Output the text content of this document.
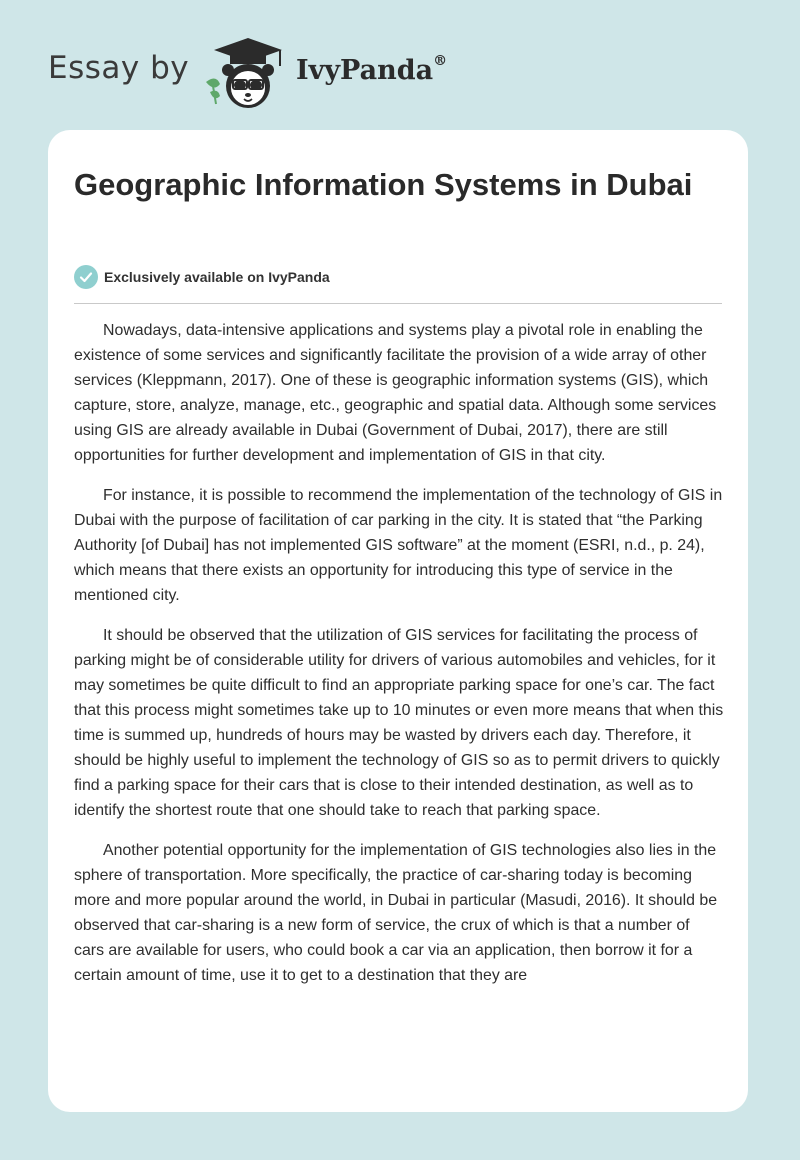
Essay by	IvyPanda®
Geographic Information Systems in Dubai
Exclusively available on IvyPanda

Nowadays, data-intensive applications and systems play a pivotal role in enabling the existence of some services and significantly facilitate the provision of a wide array of other services (Kleppmann, 2017). One of these is geographic information systems (GIS), which capture, store, analyze, manage, etc., geographic and spatial data. Although some services using GIS are already available in Dubai (Government of Dubai, 2017), there are still opportunities for further development and implementation of GIS in that city.

For instance, it is possible to recommend the implementation of the technology of GIS in Dubai with the purpose of facilitation of car parking in the city. It is stated that “the Parking Authority [of Dubai] has not implemented GIS software” at the moment (ESRI, n.d., p. 24), which means that there exists an opportunity for introducing this type of service in the mentioned city.

It should be observed that the utilization of GIS services for facilitating the process of parking might be of considerable utility for drivers of various automobiles and vehicles, for it may sometimes be quite difficult to find an appropriate parking space for one’s car. The fact that this process might sometimes take up to 10 minutes or even more means that when this time is summed up, hundreds of hours may be wasted by drivers each day. Therefore, it should be highly useful to implement the technology of GIS so as to permit drivers to quickly find a parking space for their cars that is close to their intended destination, as well as to identify the shortest route that one should take to reach that parking space.

Another potential opportunity for the implementation of GIS technologies also lies in the sphere of transportation. More specifically, the practice of car-sharing today is becoming more and more popular around the world, in Dubai in particular (Masudi, 2016). It should be observed that car-sharing is a new form of service, the crux of which is that a number of cars are available for users, who could book a car via an application, then borrow it for a certain amount of time, use it to get to a destination that they are
